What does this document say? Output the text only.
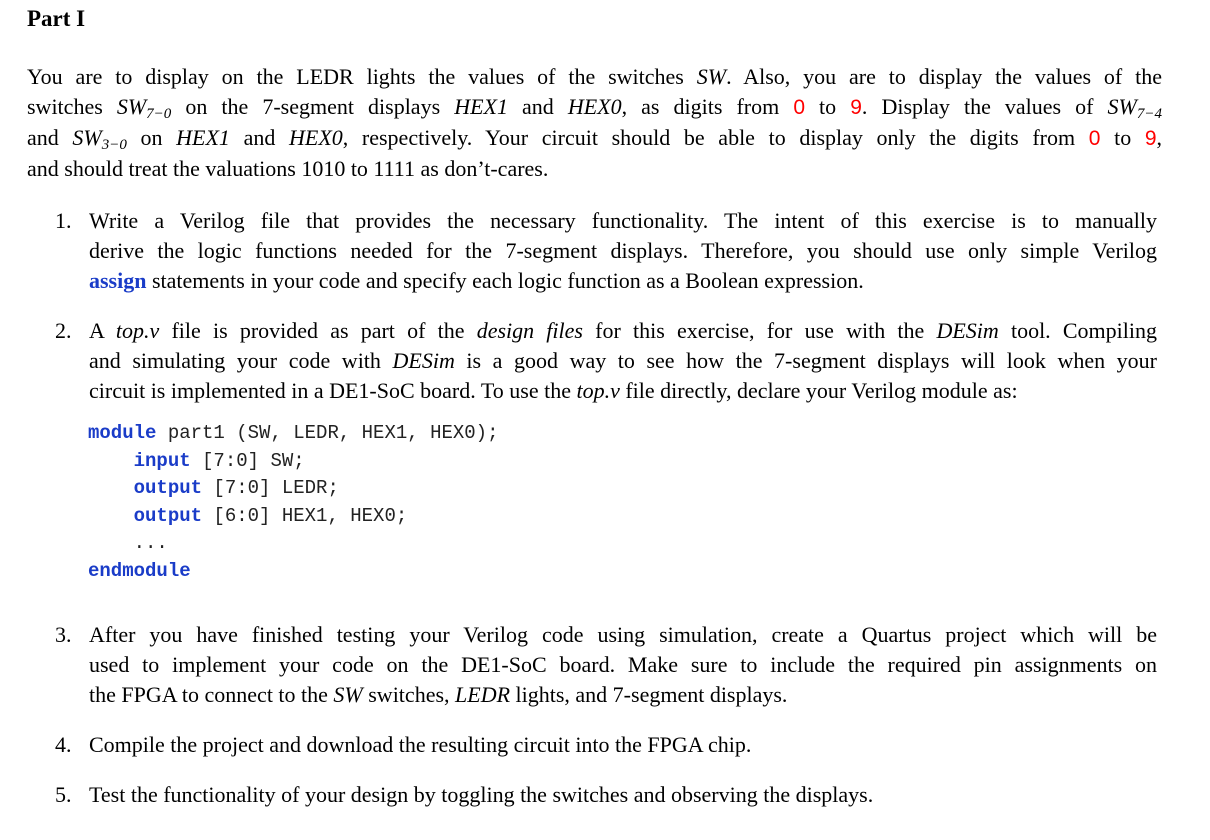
Part I
You are to display on the LEDR lights the values of the switches SW. Also, you are to display the values of the
switches $SW_{7-0}$ on the 7-segment displays HEX1 and HEX0, as digits from 0 to 9. Display the values of $SW_{7-4}$
and $SW_{3-0}$ on HEX1 and HEX0, respectively. Your circuit should be able to display only the digits from 0 to 9,
and should treat the valuations 1010 to 1111 as don’t-cares.
1. Write a Verilog file that provides the necessary functionality. The intent of this exercise is to manually
derive the logic functions needed for the 7-segment displays. Therefore, you should use only simple Verilog
assign statements in your code and specify each logic function as a Boolean expression.
2. A top.v file is provided as part of the design files for this exercise, for use with the DESim tool. Compiling
and simulating your code with DESim is a good way to see how the 7-segment displays will look when your
circuit is implemented in a DE1-SoC board. To use the top.v file directly, declare your Verilog module as:
module part1 (SW, LEDR, HEX1, HEX0);
input [7:0] SW;
output [7:0] LEDR;
output [6:0] HEX1, HEX0;
...
endmodule
3. After you have finished testing your Verilog code using simulation, create a Quartus project which will be
used to implement your code on the DE1-SoC board. Make sure to include the required pin assignments on
the FPGA to connect to the SW switches, LEDR lights, and 7-segment displays.
4. Compile the project and download the resulting circuit into the FPGA chip.
5. Test the functionality of your design by toggling the switches and observing the displays.
